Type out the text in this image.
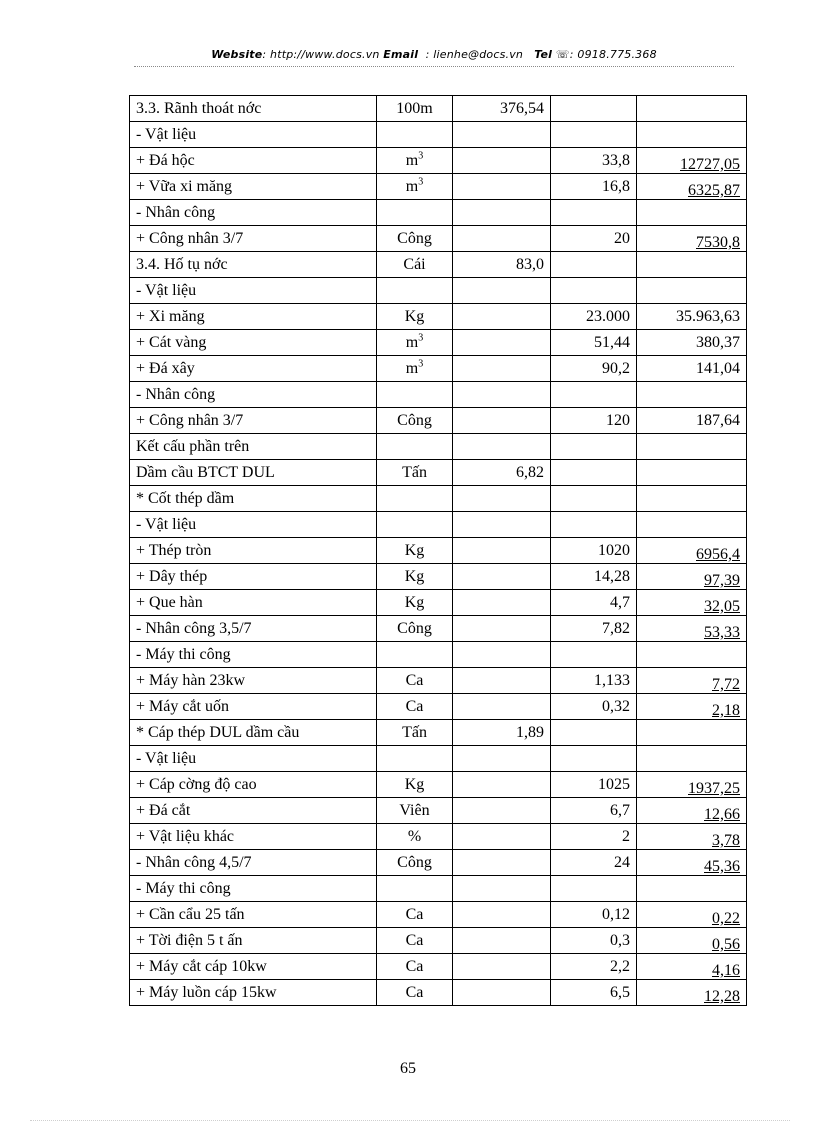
Website: http://www.docs.vn Email : lienhe@docs.vn Tel ☏: 0918.775.368
3.3. Rãnh thoát nớc	100m	376,54		
- Vật liệu				
+ Đá hộc	$m^3$		33,8	12727,05
+ Vữa xi măng	$m^3$		16,8	6325,87
- Nhân công				
+ Công nhân 3/7	Công		20	7530,8
3.4. Hố tụ nớc	Cái	83,0		
- Vật liệu				
+ Xi măng	Kg		23.000	35.963,63
+ Cát vàng	$m^3$		51,44	380,37
+ Đá xây	$m^3$		90,2	141,04
- Nhân công				
+ Công nhân 3/7	Công		120	187,64
Kết cấu phần trên				
Dầm cầu BTCT DUL	Tấn	6,82		
* Cốt thép dầm				
- Vật liệu				
+ Thép tròn	Kg		1020	6956,4
+ Dây thép	Kg		14,28	97,39
+ Que hàn	Kg		4,7	32,05
- Nhân công 3,5/7	Công		7,82	53,33
- Máy thi công				
+ Máy hàn 23kw	Ca		1,133	7,72
+ Máy cắt uốn	Ca		0,32	2,18
* Cáp thép DUL dầm cầu	Tấn	1,89		
- Vật liệu				
+ Cáp cờng độ cao	Kg		1025	1937,25
+ Đá cắt	Viên		6,7	12,66
+ Vật liệu khác	%		2	3,78
- Nhân công 4,5/7	Công		24	45,36
- Máy thi công				
+ Cần cẩu 25 tấn	Ca		0,12	0,22
+ Tời điện 5 t ấn	Ca		0,3	0,56
+ Máy cắt cáp 10kw	Ca		2,2	4,16
+ Máy luồn cáp 15kw	Ca		6,5	12,28
65
